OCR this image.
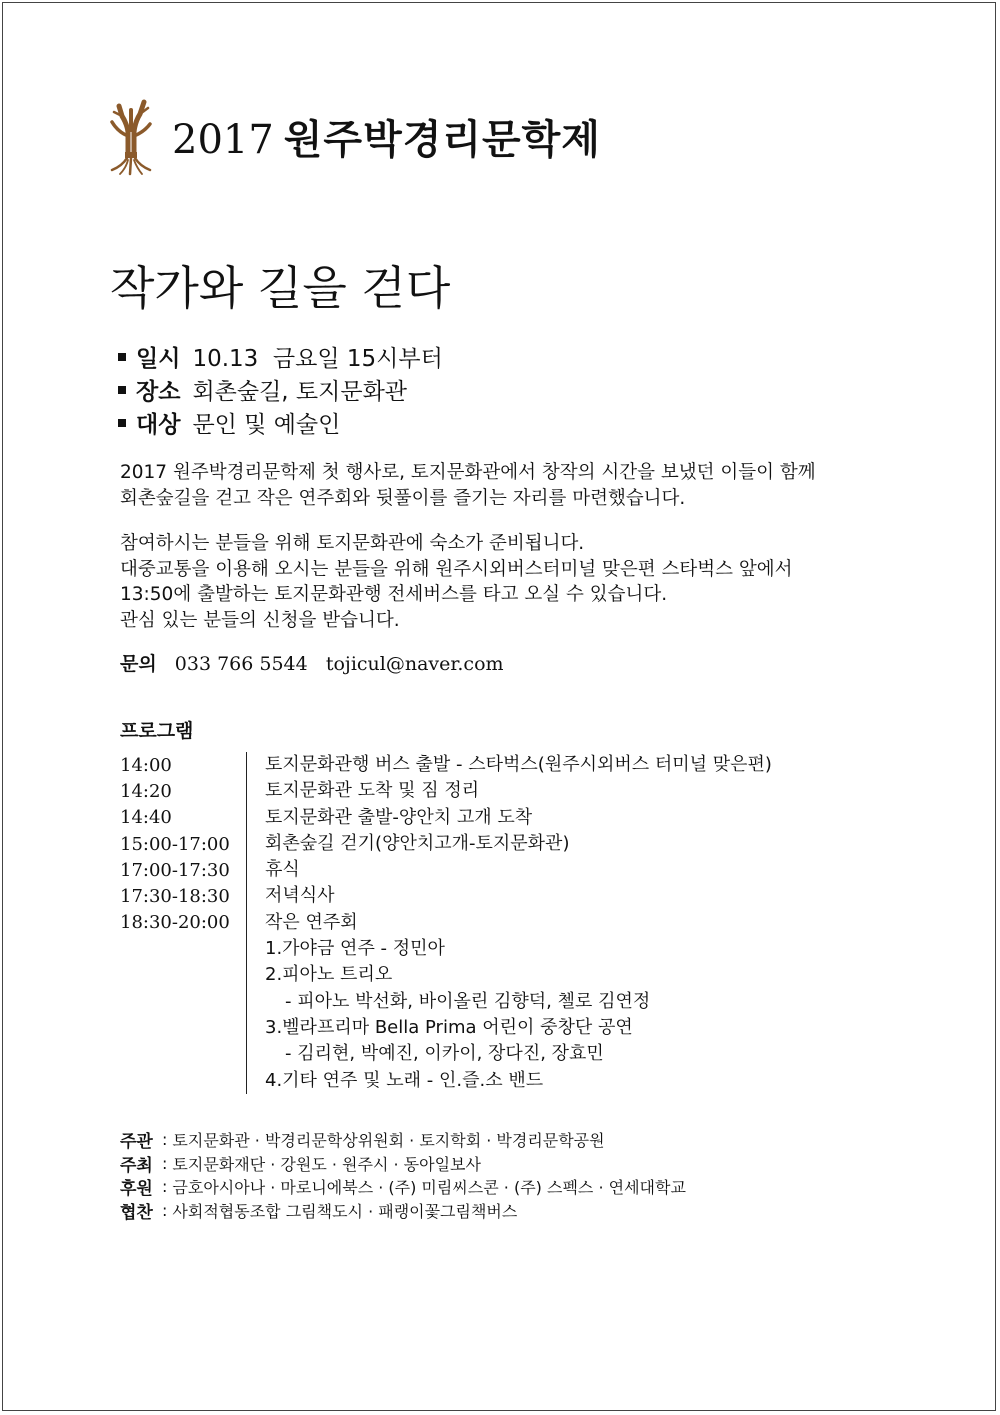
2017 원주박경리문학제
작가와 길을 걷다
일시 10.13  금요일 15시부터
장소 회촌숲길, 토지문화관
대상 문인 및 예술인
2017 원주박경리문학제 첫 행사로, 토지문화관에서 창작의 시간을 보냈던 이들이 함께
회촌숲길을 걷고 작은 연주회와 뒷풀이를 즐기는 자리를 마련했습니다.
참여하시는 분들을 위해 토지문화관에 숙소가 준비됩니다.
대중교통을 이용해 오시는 분들을 위해 원주시외버스터미널 맞은편 스타벅스 앞에서
13:50에 출발하는 토지문화관행 전세버스를 타고 오실 수 있습니다.
관심 있는 분들의 신청을 받습니다.
문의 033 766 5544 tojicul@naver.com
프로그램
14:00	토지문화관행 버스 출발 - 스타벅스(원주시외버스 터미널 맞은편)
14:20	토지문화관 도착 및 짐 정리
14:40	토지문화관 출발-양안치 고개 도착
15:00-17:00	회촌숲길 걷기(양안치고개-토지문화관)
17:00-17:30	휴식
17:30-18:30	저녁식사
18:30-20:00	작은 연주회
1.가야금 연주 - 정민아
2.피아노 트리오
- 피아노 박선화, 바이올린 김향덕, 첼로 김연정
3.벨라프리마 Bella Prima 어린이 중창단 공연
- 김리현, 박예진, 이카이, 장다진, 장효민
4.기타 연주 및 노래 - 인.즐.소 밴드
주관 : 토지문화관 · 박경리문학상위원회 · 토지학회 · 박경리문학공원
주최 : 토지문화재단 · 강원도 · 원주시 · 동아일보사
후원 : 금호아시아나 · 마로니에북스 · (주) 미림씨스콘 · (주) 스펙스 · 연세대학교
협찬 : 사회적협동조합 그림책도시 · 패랭이꽃그림책버스
